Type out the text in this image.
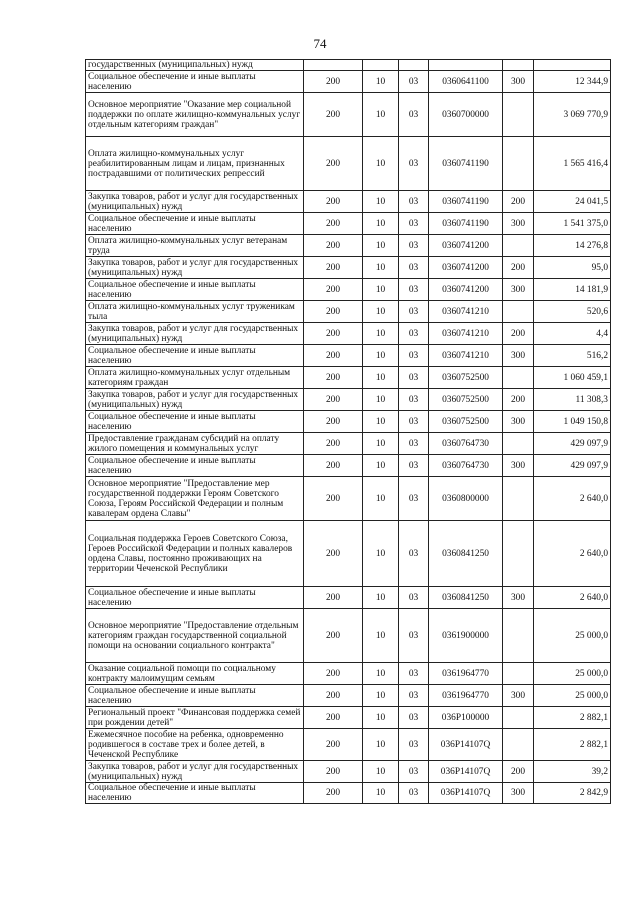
74
государственных (муниципальных) нужд						
Социальное обеспечение и иные выплаты населению	200	10	03	0360641100	300	12 344,9
Основное мероприятие "Оказание мер социальной поддержки по оплате жилищно-коммунальных услуг отдельным категориям граждан"	200	10	03	0360700000		3 069 770,9
Оплата жилищно-коммунальных услуг реабилитированным лицам и лицам, признанных пострадавшими от политических репрессий	200	10	03	0360741190		1 565 416,4
Закупка товаров, работ и услуг для государственных (муниципальных) нужд	200	10	03	0360741190	200	24 041,5
Социальное обеспечение и иные выплаты населению	200	10	03	0360741190	300	1 541 375,0
Оплата жилищно-коммунальных услуг ветеранам труда	200	10	03	0360741200		14 276,8
Закупка товаров, работ и услуг для государственных (муниципальных) нужд	200	10	03	0360741200	200	95,0
Социальное обеспечение и иные выплаты населению	200	10	03	0360741200	300	14 181,9
Оплата жилищно-коммунальных услуг труженикам тыла	200	10	03	0360741210		520,6
Закупка товаров, работ и услуг для государственных (муниципальных) нужд	200	10	03	0360741210	200	4,4
Социальное обеспечение и иные выплаты населению	200	10	03	0360741210	300	516,2
Оплата жилищно-коммунальных услуг отдельным категориям граждан	200	10	03	0360752500		1 060 459,1
Закупка товаров, работ и услуг для государственных (муниципальных) нужд	200	10	03	0360752500	200	11 308,3
Социальное обеспечение и иные выплаты населению	200	10	03	0360752500	300	1 049 150,8
Предоставление гражданам субсидий на оплату жилого помещения и коммунальных услуг	200	10	03	0360764730		429 097,9
Социальное обеспечение и иные выплаты населению	200	10	03	0360764730	300	429 097,9
Основное мероприятие "Предоставление мер государственной поддержки Героям Советского Союза, Героям Российской Федерации и полным кавалерам ордена Славы"	200	10	03	0360800000		2 640,0
Социальная поддержка Героев Советского Союза, Героев Российской Федерации и полных кавалеров ордена Славы, постоянно проживающих на территории Чеченской Республики	200	10	03	0360841250		2 640,0
Социальное обеспечение и иные выплаты населению	200	10	03	0360841250	300	2 640,0
Основное мероприятие "Предоставление отдельным категориям граждан государственной социальной помощи на основании социального контракта"	200	10	03	0361900000		25 000,0
Оказание социальной помощи по социальному контракту малоимущим семьям	200	10	03	0361964770		25 000,0
Социальное обеспечение и иные выплаты населению	200	10	03	0361964770	300	25 000,0
Региональный проект "Финансовая поддержка семей при рождении детей"	200	10	03	036P100000		2 882,1
Ежемесячное пособие на ребенка, одновременно родившегося в составе трех и более детей, в Чеченской Республике	200	10	03	036P14107Q		2 882,1
Закупка товаров, работ и услуг для государственных (муниципальных) нужд	200	10	03	036P14107Q	200	39,2
Социальное обеспечение и иные выплаты населению	200	10	03	036P14107Q	300	2 842,9
